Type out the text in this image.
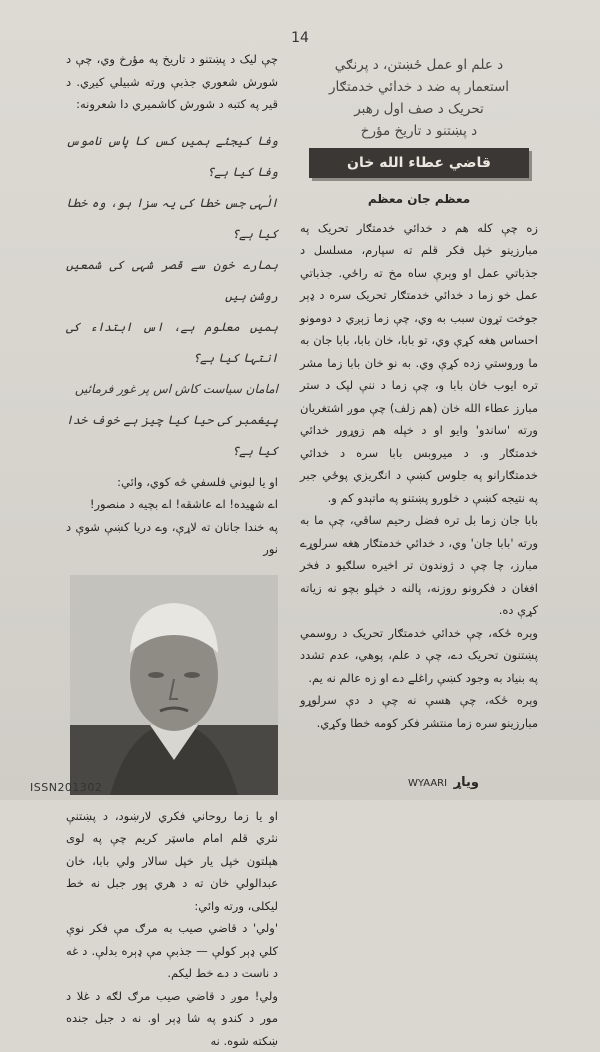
14

چې لیک د پښتنو د تاریخ په مؤرخ وي، چې د شورش شعوري جذبې ورته شبیلي کيږي. د قیر په کتبه د شورش کاشمیري دا شعرونه:

وفا کیجئے ہمیں کس کا پاس ناموس وفا کیا ہے؟

الٰہی جس خطا کی یہ سزا ہو، وہ خطا کیا ہے؟

ہمارے خون سے قصر شہی کی شمعیں روشن ہیں

ہمیں معلوم ہے، اس ابتداء کی انتہا کیا ہے؟

امامان سیاست کاش اس پر غور فرمائیں

پیغمبر کی حیا کیا چیز ہے خوف خدا کیا ہے؟

او یا لبوني فلسفي څه کوي، وائي:

اے شهیده! اے عاشقه! اے بچیه د منصور!

په خندا جانان ته لاړې، وے دریا کښې شوې د نور

او یا زما روحاني فکري لارښود، د پښتنې نثري قلم امام ماسټر کریم چې په لوی هېلتون خپل یار خپل سالار ولي بابا، خان عبدالولي خان ته د هري پور جبل نه خط لیکلی، ورته وائي:

'ولي' د قاضي صيب به مرګ مې فکر نوې کلي ډېر کولې — جذبې مې ډېره بدلې. د غه د ناست د دے خط لیکم.

ولي! موږ د قاضي صيب مرګ لګه د غلا د مور د کندو په شا ډېر او. نه د جبل جنده ښکته شوه. نه

د علم او عمل ځښتن، د پرنګي
استعمار په ضد د خدائي خدمتګار
تحریک د صف اول رهبر
د پښتنو د تاریخ مؤرخ
قاضي عطاء الله خان
معظم جان معظم

زه چې کله هم د خدائي خدمتګار تحریک په مبارزینو خپل فکر قلم ته سپارم، مسلسل د جذباتي عمل او وېرې ساه مخ ته راځي. جذباتي عمل خو زما د خدائي خدمتګار تحریک سره د ډېر جوخت تړون سبب به وي، چې زما زېږي د دومونو احساس هغه کړې وي، تو بابا، خان بابا، بابا جان به ما وروستي زده کړې وي. به نو خان بابا زما مشر تره ايوب خان بابا و، چې زما د ننې لپک د ستر مبارز عطاء الله خان (هم زلف) چې موږ اشتغریان ورته 'ساندو' وايو او د خپله هم زوړور خدائي خدمتګار و. د میروبس بابا سره د خدائي خدمتګارانو په جلوس کښې د انګریزي پوځي جبر په نتیجه کښې د خلورو پښتنو په ماتېدو کم و.

بابا جان زما بل تره فضل رحيم ساقي، چې ما به ورته 'بابا جان' وي، د خدائي خدمتګار هغه سرلوړے مبارز، چا چې د ژوندون تر اخيره سلګيو د فخر افغان د فکرونو روزنه، پالنه د خپلو بچو نه زياته کړې ده.

وېره ځکه، چې خدائي خدمتګار تحریک د روسمي پښتنون تحریک دے، چې د علم، پوهي، عدم تشدد په بنياد به وجود کښې راغلے دے او زه عالم نه یم.

وېره ځکه، چې هسې نه چې د دې سرلوړو مبارزينو سره زما منتشر فکر کومه خطا وکړي.

ISSN201302	WYAARI وياړ
